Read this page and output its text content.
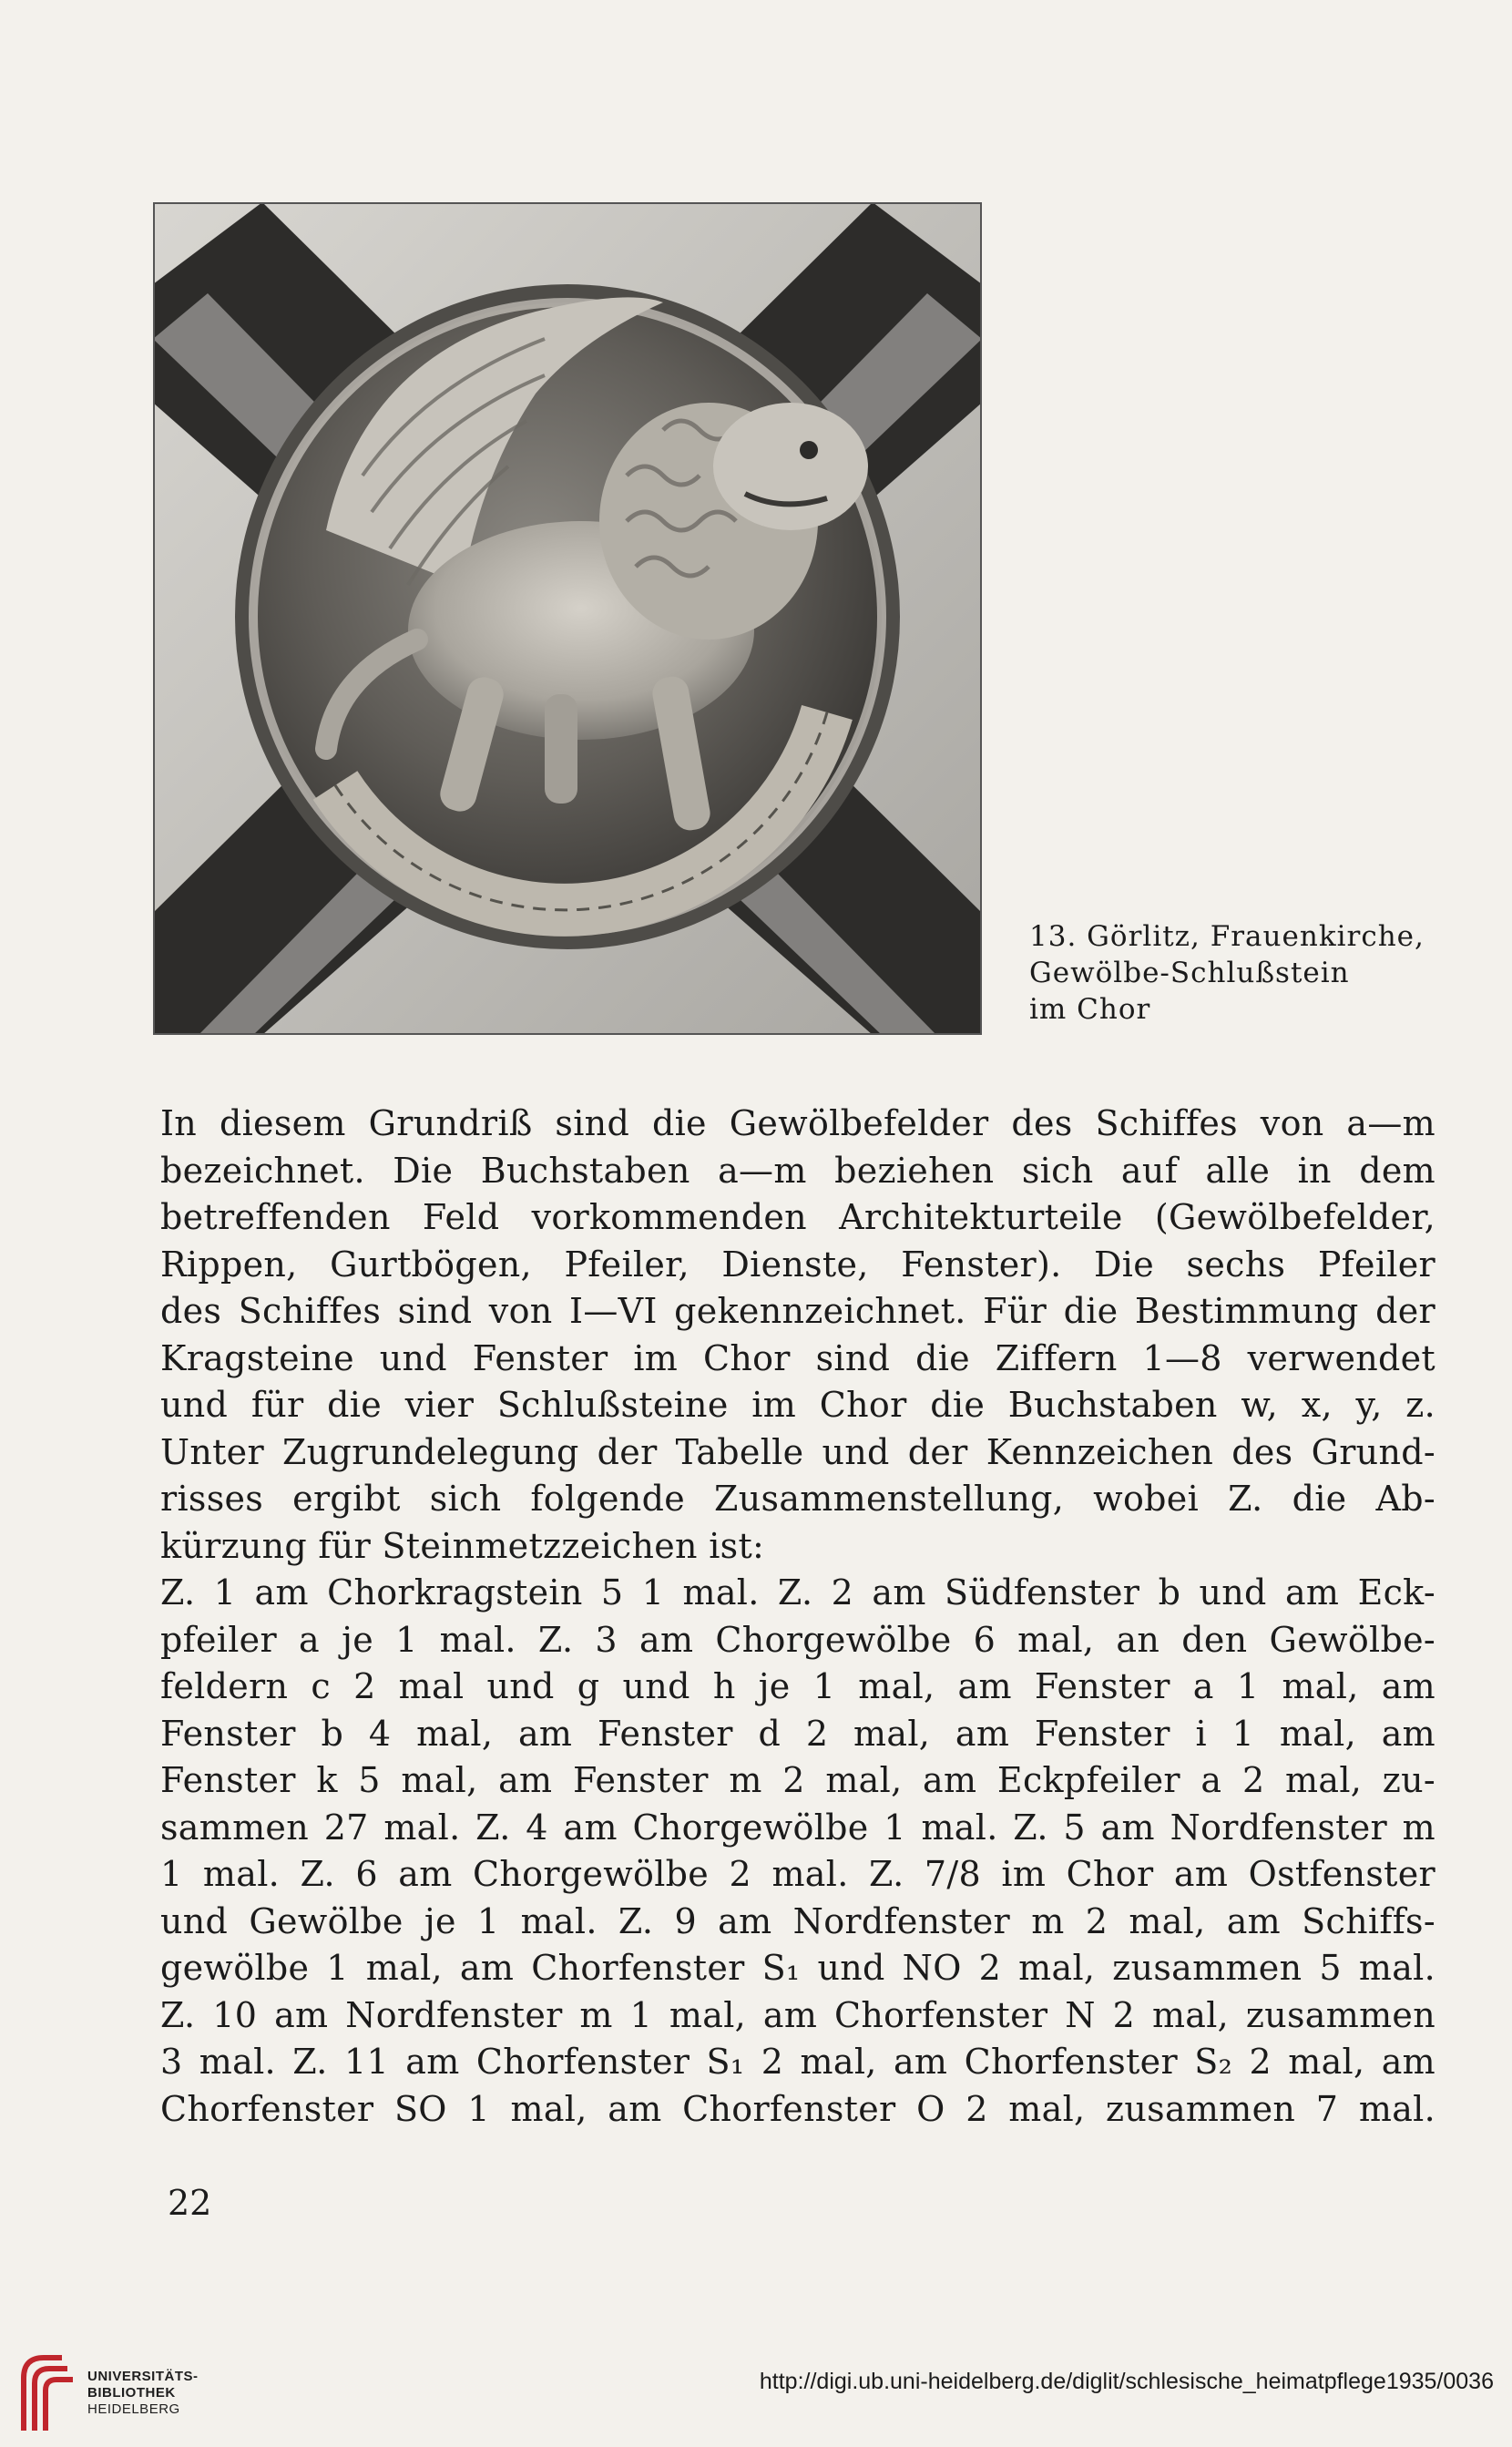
13. Görlitz, Frauenkirche,
Gewölbe-Schlußstein
im Chor
In diesem Grundriß sind die Gewölbefelder des Schiffes von a—m
bezeichnet. Die Buchstaben a—m beziehen sich auf alle in dem
betreffenden Feld vorkommenden Architekturteile (Gewölbefelder,
Rippen, Gurtbögen, Pfeiler, Dienste, Fenster). Die sechs Pfeiler
des Schiffes sind von I—VI gekennzeichnet. Für die Bestimmung der
Kragsteine und Fenster im Chor sind die Ziffern 1—8 verwendet
und für die vier Schlußsteine im Chor die Buchstaben w, x, y, z.
Unter Zugrundelegung der Tabelle und der Kennzeichen des Grund-
risses ergibt sich folgende Zusammenstellung, wobei Z. die Ab-
kürzung für Steinmetzzeichen ist:
Z. 1 am Chorkragstein 5 1 mal. Z. 2 am Südfenster b und am Eck-
pfeiler a je 1 mal. Z. 3 am Chorgewölbe 6 mal, an den Gewölbe-
feldern c 2 mal und g und h je 1 mal, am Fenster a 1 mal, am
Fenster b 4 mal, am Fenster d 2 mal, am Fenster i 1 mal, am
Fenster k 5 mal, am Fenster m 2 mal, am Eckpfeiler a 2 mal, zu-
sammen 27 mal. Z. 4 am Chorgewölbe 1 mal. Z. 5 am Nordfenster m
1 mal. Z. 6 am Chorgewölbe 2 mal. Z. 7/8 im Chor am Ostfenster
und Gewölbe je 1 mal. Z. 9 am Nordfenster m 2 mal, am Schiffs-
gewölbe 1 mal, am Chorfenster S₁ und NO 2 mal, zusammen 5 mal.
Z. 10 am Nordfenster m 1 mal, am Chorfenster N 2 mal, zusammen
3 mal. Z. 11 am Chorfenster S₁ 2 mal, am Chorfenster S₂ 2 mal, am
Chorfenster SO 1 mal, am Chorfenster O 2 mal, zusammen 7 mal.
22
UNIVERSITÄTS-
BIBLIOTHEK
HEIDELBERG
http://digi.ub.uni-heidelberg.de/diglit/schlesische_heimatpflege1935/0036
